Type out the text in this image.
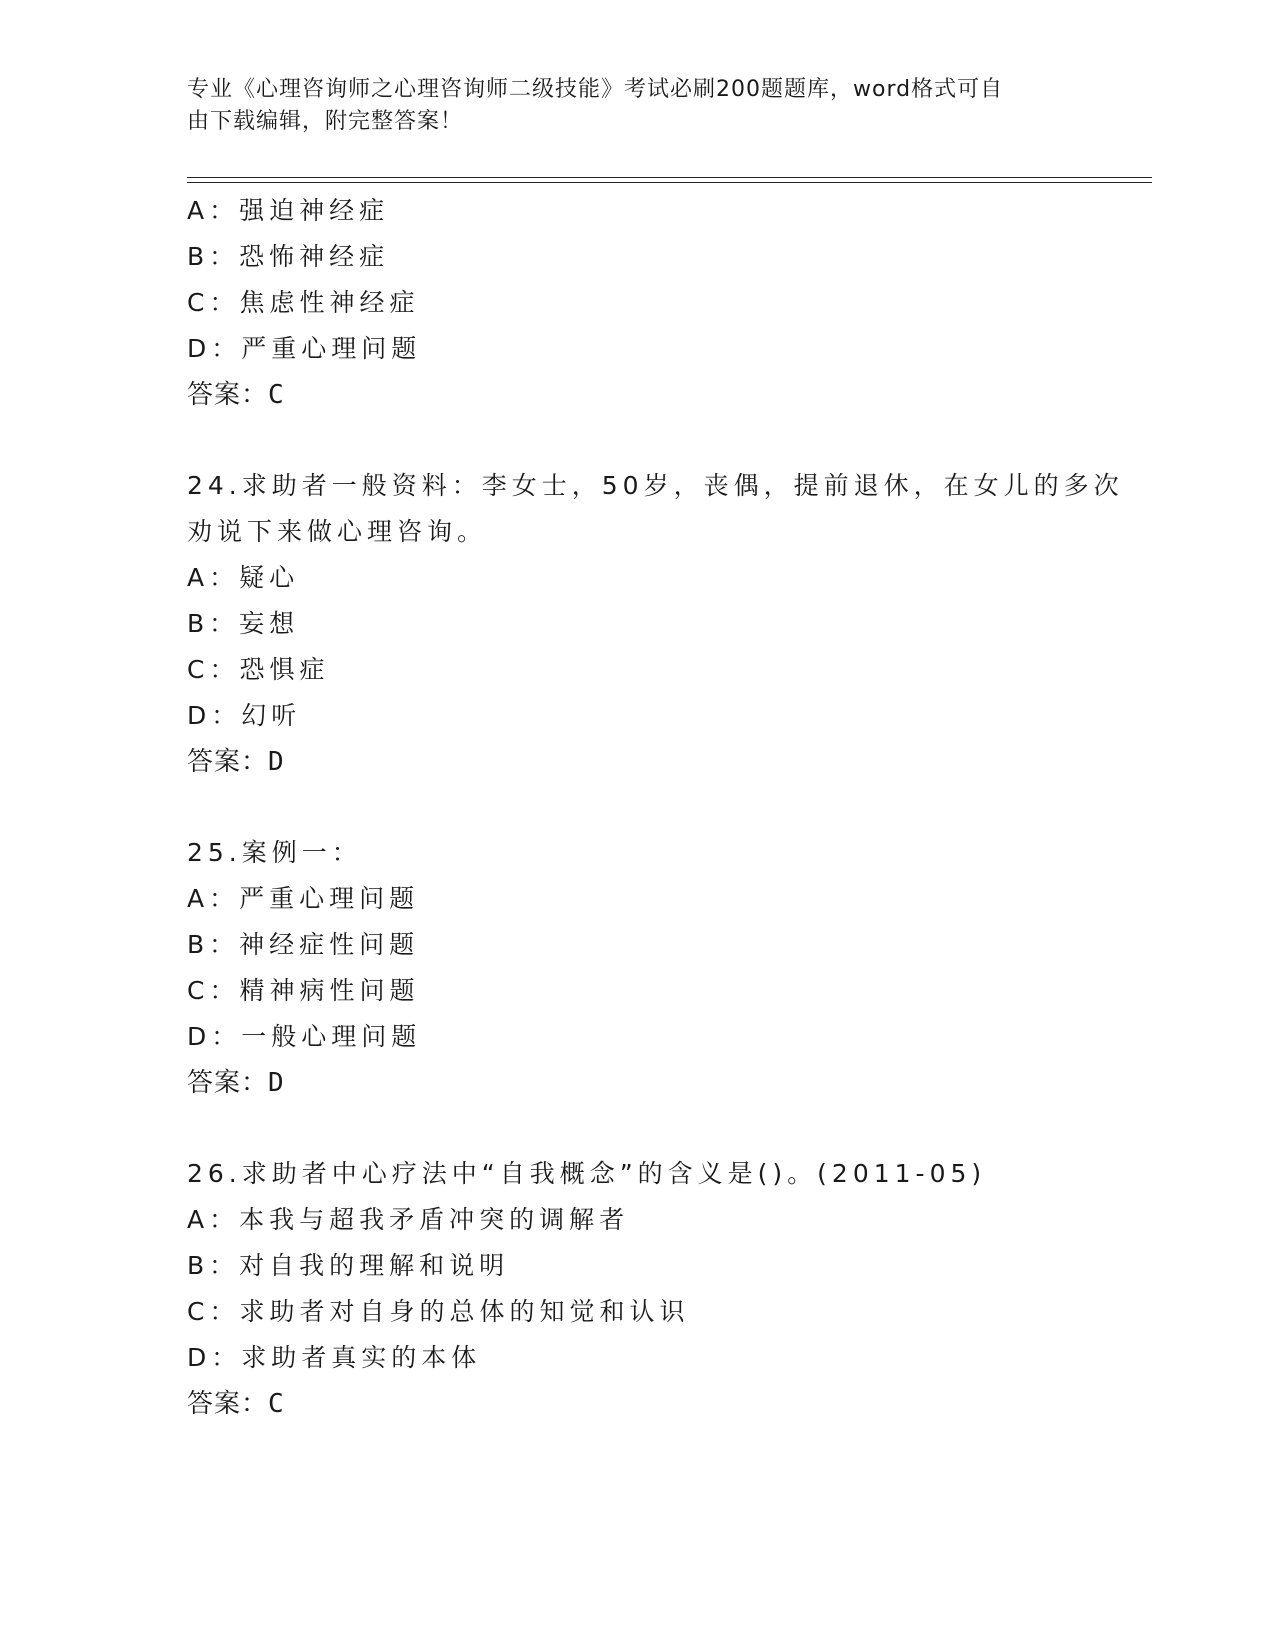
专业《心理咨询师之心理咨询师二级技能》考试必刷200题题库，word格式可自
由下载编辑，附完整答案！
A：强迫神经症
B：恐怖神经症
C：焦虑性神经症
D：严重心理问题
答案：C
24.求助者一般资料：李女士，50岁，丧偶，提前退休，在女儿的多次
劝说下来做心理咨询。
A：疑心
B：妄想
C：恐惧症
D：幻听
答案：D
25.案例一：
A：严重心理问题
B：神经症性问题
C：精神病性问题
D：一般心理问题
答案：D
26.求助者中心疗法中“自我概念”的含义是()。(2011-05)
A：本我与超我矛盾冲突的调解者
B：对自我的理解和说明
C：求助者对自身的总体的知觉和认识
D：求助者真实的本体
答案：C
